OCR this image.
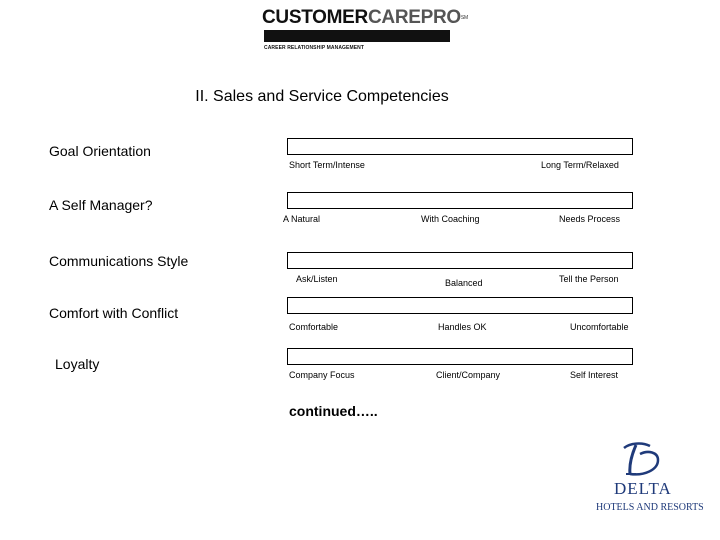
CUSTOMERCAREPRO℠
CAREER RELATIONSHIP MANAGEMENT
II. Sales and Service Competencies
Goal Orientation
Short Term/Intense	Long Term/Relaxed
A Self Manager?
A Natural	With Coaching	Needs Process
Communications Style
Ask/Listen	Balanced	Tell the Person
Comfort with Conflict
Comfortable	Handles OK	Uncomfortable
Loyalty
Company Focus	Client/Company	Self Interest
continued…..
DELTA
HOTELS AND RESORTS
